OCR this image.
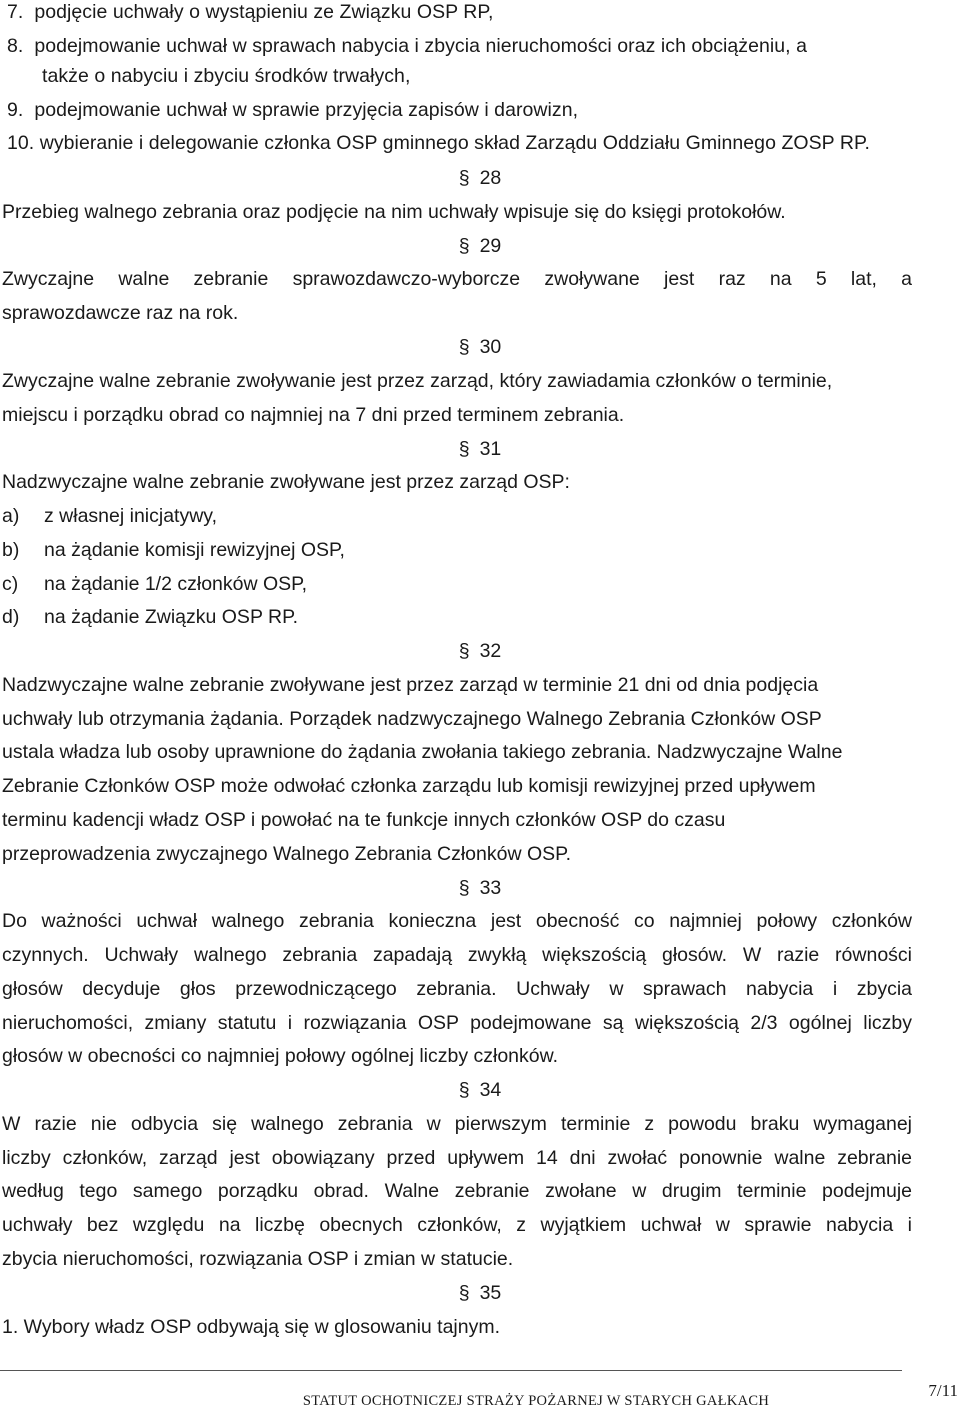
7. podjęcie uchwały o wystąpieniu ze Związku OSP RP,

8. podejmowanie uchwał w sprawach nabycia i zbycia nieruchomości oraz ich obciążeniu, a

także o nabyciu i zbyciu środków trwałych,

9. podejmowanie uchwał w sprawie przyjęcia zapisów i darowizn,

10. wybieranie i delegowanie członka OSP gminnego skład Zarządu Oddziału Gminnego ZOSP RP.

§ 28

Przebieg walnego zebrania oraz podjęcie na nim uchwały wpisuje się do księgi protokołów.

§ 29

Zwyczajne walne zebranie sprawozdawczo-wyborcze zwoływane jest raz na 5 lat, a

sprawozdawcze raz na rok.

§ 30

Zwyczajne walne zebranie zwoływanie jest przez zarząd, który zawiadamia członków o terminie,

miejscu i porządku obrad co najmniej na 7 dni przed terminem zebrania.

§ 31

Nadzwyczajne walne zebranie zwoływane jest przez zarząd OSP:

a) z własnej inicjatywy,

b) na żądanie komisji rewizyjnej OSP,

c) na żądanie 1/2 członków OSP,

d) na żądanie Związku OSP RP.

§ 32

Nadzwyczajne walne zebranie zwoływane jest przez zarząd w terminie 21 dni od dnia podjęcia

uchwały lub otrzymania żądania. Porządek nadzwyczajnego Walnego Zebrania Członków OSP

ustala władza lub osoby uprawnione do żądania zwołania takiego zebrania. Nadzwyczajne Walne

Zebranie Członków OSP może odwołać członka zarządu lub komisji rewizyjnej przed upływem

terminu kadencji władz OSP i powołać na te funkcje innych członków OSP do czasu

przeprowadzenia zwyczajnego Walnego Zebrania Członków OSP.

§ 33

Do ważności uchwał walnego zebrania konieczna jest obecność co najmniej połowy członków

czynnych. Uchwały walnego zebrania zapadają zwykłą większością głosów. W razie równości

głosów decyduje głos przewodniczącego zebrania. Uchwały w sprawach nabycia i zbycia

nieruchomości, zmiany statutu i rozwiązania OSP podejmowane są większością 2/3 ogólnej liczby

głosów w obecności co najmniej połowy ogólnej liczby członków.

§ 34

W razie nie odbycia się walnego zebrania w pierwszym terminie z powodu braku wymaganej

liczby członków, zarząd jest obowiązany przed upływem 14 dni zwołać ponownie walne zebranie

według tego samego porządku obrad. Walne zebranie zwołane w drugim terminie podejmuje

uchwały bez względu na liczbę obecnych członków, z wyjątkiem uchwał w sprawie nabycia i

zbycia nieruchomości, rozwiązania OSP i zmian w statucie.

§ 35

1. Wybory władz OSP odbywają się w glosowaniu tajnym.

STATUT OCHOTNICZEJ STRAŻY POŻARNEJ W STARYCH GAŁKACH
7/11
